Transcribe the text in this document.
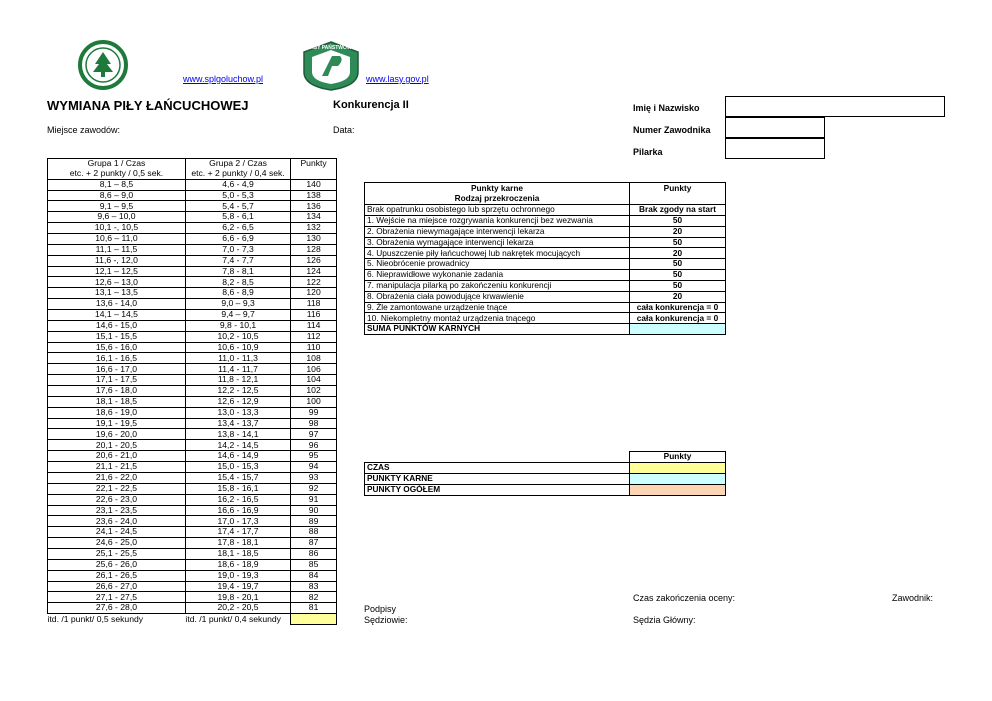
www.splgoluchow.pl
LASY PAŃSTWOWE
www.lasy.gov.pl
WYMIANA PIŁY ŁAŃCUCHOWEJ	Konkurencja II
Miejsce zawodów:	Data:
Imię i Nazwisko
Numer Zawodnika
Pilarka
Grupa 1 / Czas	Grupa 2 / Czas	Punkty
etc. + 2 punkty / 0,5 sek.	etc. + 2 punkty / 0,4 sek.	
8,1 – 8,5	4,6 - 4,9	140
8,6 – 9,0	5,0 - 5,3	138
9,1 – 9,5	5,4 - 5,7	136
9,6 – 10,0	5,8 - 6,1	134
10,1 -, 10,5	6,2 - 6,5	132
10,6 – 11,0	6,6 - 6,9	130
11,1 – 11,5	7,0 - 7,3	128
11,6 -, 12,0	7,4 - 7,7	126
12,1 – 12,5	7,8 - 8,1	124
12,6 – 13,0	8,2 - 8,5	122
13,1 – 13,5	8,6 - 8,9	120
13,6 - 14,0	9,0 – 9,3	118
14,1 – 14,5	9,4 – 9,7	116
14,6 - 15,0	9,8 - 10,1	114
15,1 - 15,5	10,2 - 10,5	112
15,6 - 16,0	10,6 - 10,9	110
16,1 - 16,5	11,0 - 11,3	108
16,6 - 17,0	11,4 - 11,7	106
17,1 - 17,5	11,8 - 12,1	104
17,6 - 18,0	12,2 - 12,5	102
18,1 - 18,5	12,6 - 12,9	100
18,6 - 19,0	13,0 - 13,3	99
19,1 - 19,5	13,4 - 13,7	98
19,6 - 20,0	13,8 - 14,1	97
20,1 - 20,5	14,2 - 14,5	96
20,6 - 21,0	14,6 - 14,9	95
21,1 - 21,5	15,0 - 15,3	94
21,6 - 22,0	15,4 - 15,7	93
22,1 - 22,5	15,8 - 16,1	92
22,6 - 23,0	16,2 - 16,5	91
23,1 - 23,5	16,6 - 16,9	90
23,6 - 24,0	17,0 - 17,3	89
24,1 - 24,5	17,4 - 17,7	88
24,6 - 25,0	17,8 - 18,1	87
25,1 - 25,5	18,1 - 18,5	86
25,6 - 26,0	18,6 - 18,9	85
26,1 - 26,5	19,0 - 19,3	84
26,6 - 27,0	19,4 - 19,7	83
27,1 - 27,5	19,8 - 20,1	82
27,6 - 28,0	20,2 - 20,5	81
itd. /1 punkt/ 0,5 sekundy	itd. /1 punkt/ 0,4 sekundy	
Punkty karne
Rodzaj przekroczenia	Punkty
Brak opatrunku osobistego lub sprzętu ochronnego	Brak zgody na start
1. Wejście na miejsce rozgrywania konkurencji bez wezwania	50
2. Obrażenia niewymagające interwencji lekarza	20
3. Obrażenia wymagające interwencji lekarza	50
4. Upuszczenie piły łańcuchowej lub nakrętek mocujących	20
5. Nieobrócenie prowadnicy	50
6. Nieprawidłowe wykonanie zadania	50
7. manipulacja pilarką po zakończeniu konkurencji	50
8. Obrażenia ciała powodujące krwawienie	20
9. Źle zamontowane urządzenie tnące	cała konkurencja = 0
10. Niekompletny montaż urządzenia tnącego	cała konkurencja = 0
SUMA PUNKTÓW KARNYCH	
	Punkty
CZAS	
PUNKTY KARNE	
PUNKTY OGÓŁEM	
Podpisy
Sędziowie:
Czas zakończenia oceny:
Sędzia Główny:
Zawodnik:
